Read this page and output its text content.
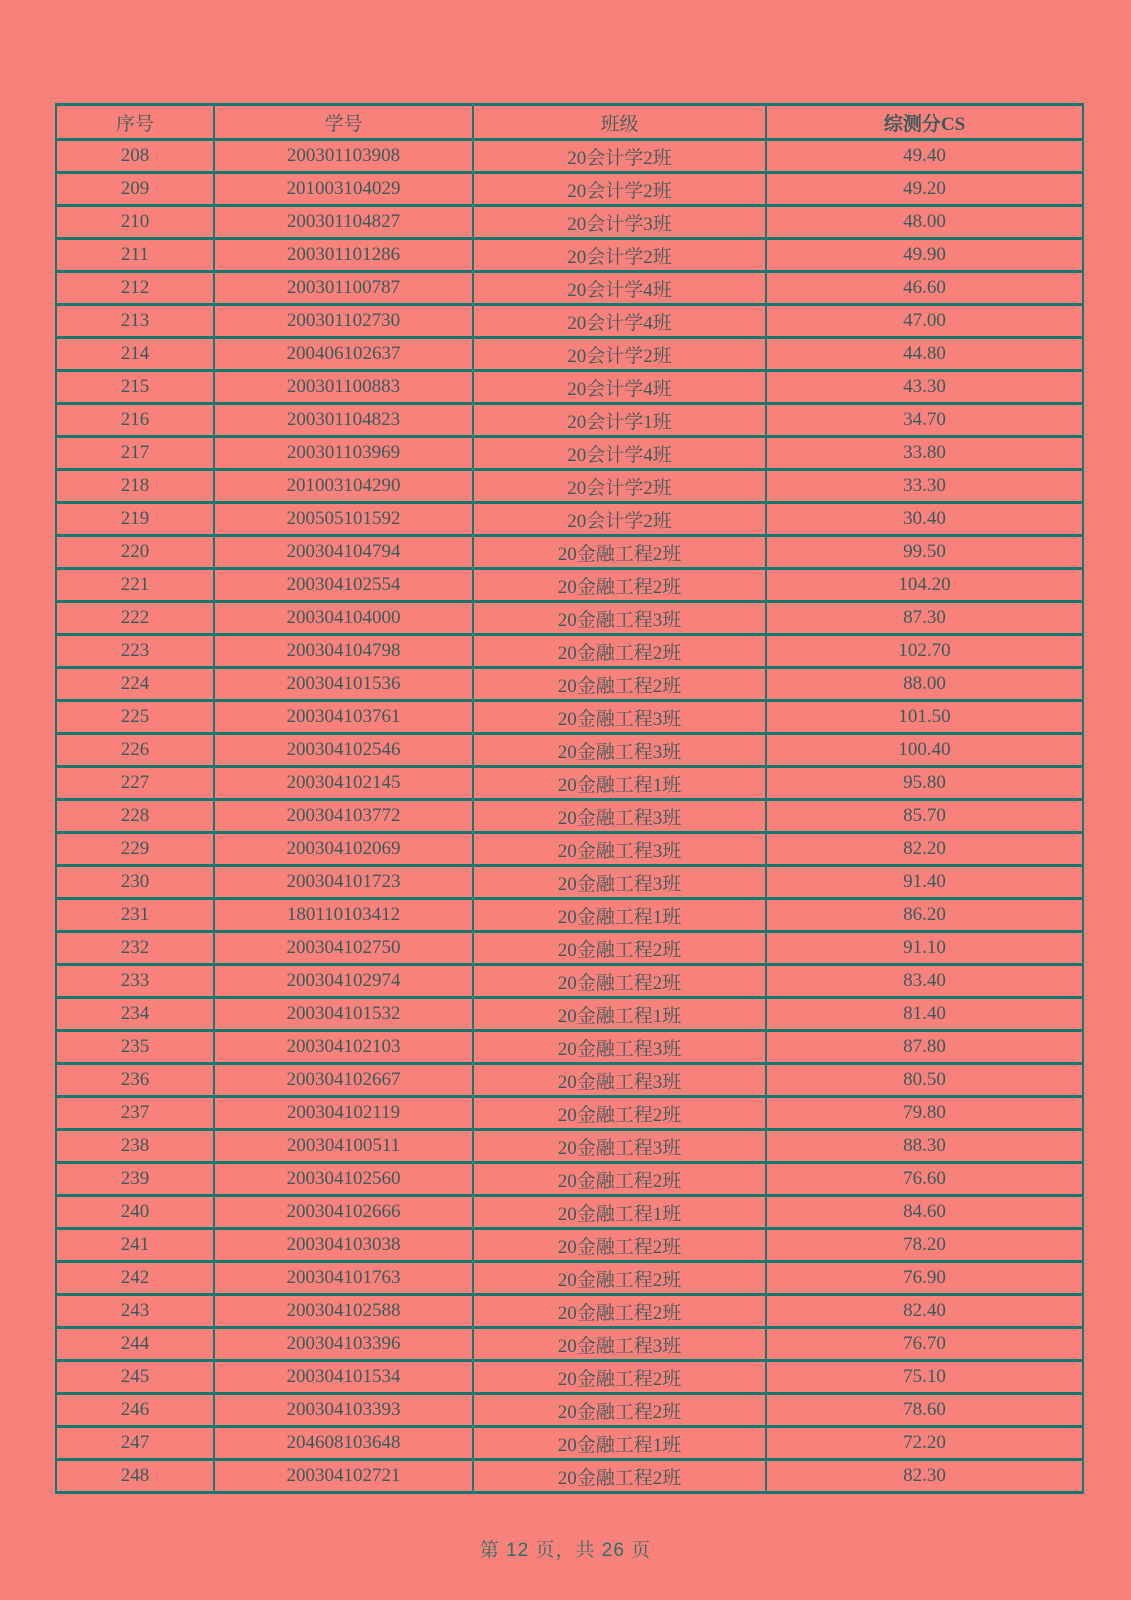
序号	学号	班级	综测分CS
208	200301103908	20会计学2班	49.40
209	201003104029	20会计学2班	49.20
210	200301104827	20会计学3班	48.00
211	200301101286	20会计学2班	49.90
212	200301100787	20会计学4班	46.60
213	200301102730	20会计学4班	47.00
214	200406102637	20会计学2班	44.80
215	200301100883	20会计学4班	43.30
216	200301104823	20会计学1班	34.70
217	200301103969	20会计学4班	33.80
218	201003104290	20会计学2班	33.30
219	200505101592	20会计学2班	30.40
220	200304104794	20金融工程2班	99.50
221	200304102554	20金融工程2班	104.20
222	200304104000	20金融工程3班	87.30
223	200304104798	20金融工程2班	102.70
224	200304101536	20金融工程2班	88.00
225	200304103761	20金融工程3班	101.50
226	200304102546	20金融工程3班	100.40
227	200304102145	20金融工程1班	95.80
228	200304103772	20金融工程3班	85.70
229	200304102069	20金融工程3班	82.20
230	200304101723	20金融工程3班	91.40
231	180110103412	20金融工程1班	86.20
232	200304102750	20金融工程2班	91.10
233	200304102974	20金融工程2班	83.40
234	200304101532	20金融工程1班	81.40
235	200304102103	20金融工程3班	87.80
236	200304102667	20金融工程3班	80.50
237	200304102119	20金融工程2班	79.80
238	200304100511	20金融工程3班	88.30
239	200304102560	20金融工程2班	76.60
240	200304102666	20金融工程1班	84.60
241	200304103038	20金融工程2班	78.20
242	200304101763	20金融工程2班	76.90
243	200304102588	20金融工程2班	82.40
244	200304103396	20金融工程3班	76.70
245	200304101534	20金融工程2班	75.10
246	200304103393	20金融工程2班	78.60
247	204608103648	20金融工程1班	72.20
248	200304102721	20金融工程2班	82.30
第 12 页，共 26 页
